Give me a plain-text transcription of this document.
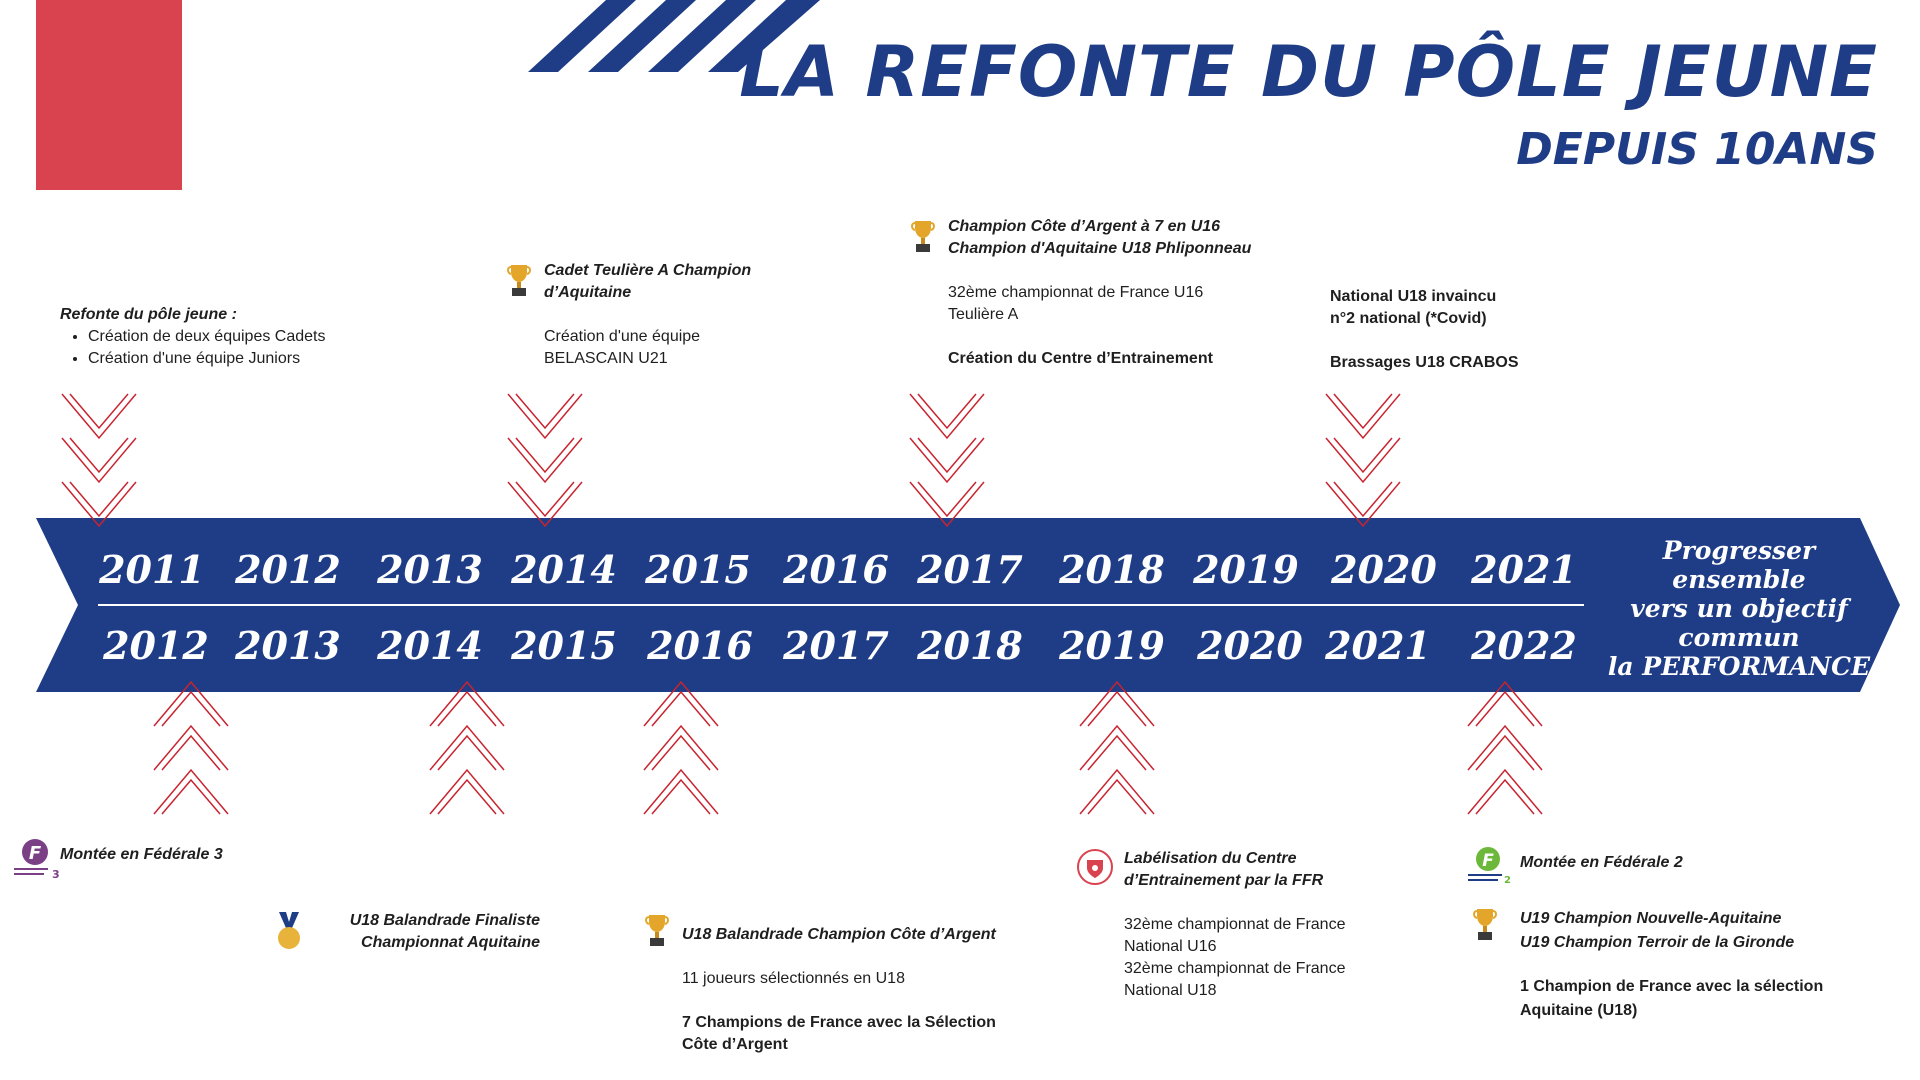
LA REFONTE DU PÔLE JEUNE
DEPUIS 10ANS
2011 2012 2013 2014 2015 2016 2017 2018 2019 2020 2021
2012 2013 2014 2015 2016 2017 2018 2019 2020 2021 2022
Progresser
ensemble
vers un objectif
commun
la PERFORMANCE

Refonte du pôle jeune :

• Création de deux équipes Cadets
• Création d'une équipe Juniors

Cadet Teulière A Champion

d’Aquitaine

Création d'une équipe

BELASCAIN U21

Champion Côte d’Argent à 7 en U16

Champion d'Aquitaine U18 Phliponneau

32ème championnat de France U16

Teulière A

Création du Centre d’Entrainement

National U18 invaincu

n°2 national (*Covid)

Brassages U18 CRABOS

F
3

Montée en Fédérale 3

U18 Balandrade Finaliste

Championnat Aquitaine	U18 Balandrade Champion Côte d’Argent

11 joueurs sélectionnés en U18

7 Champions de France avec la Sélection

Côte d’Argent

Labélisation du Centre

d’Entrainement par la FFR

32ème championnat de France

National U16

32ème championnat de France

National U18

F
2

Montée en Fédérale 2

U19 Champion Nouvelle-Aquitaine

U19 Champion Terroir de la Gironde

1 Champion de France avec la sélection

Aquitaine (U18)
